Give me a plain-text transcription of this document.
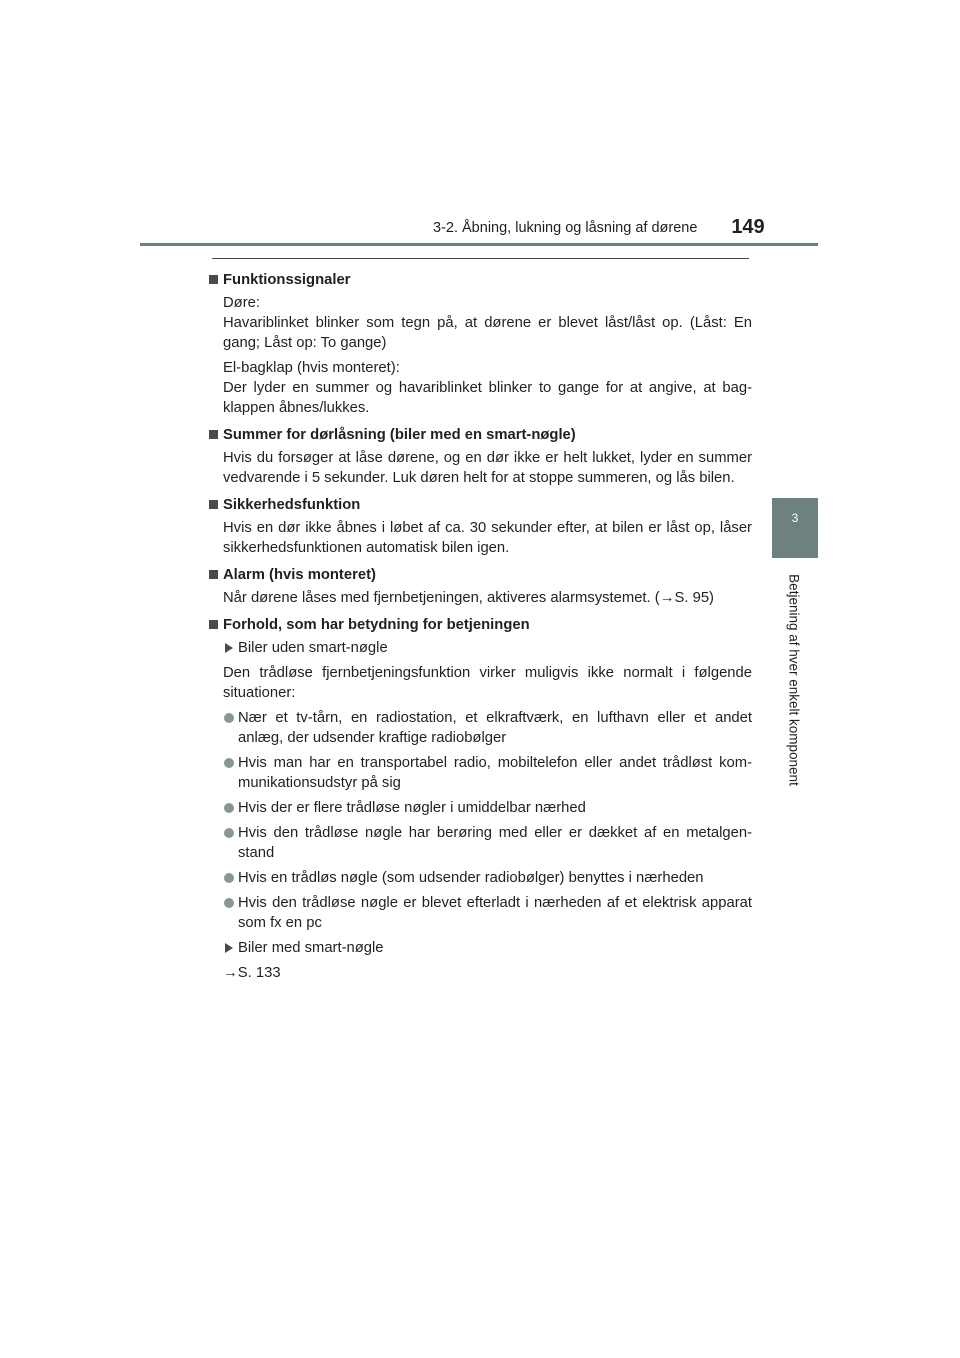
3-2. Åbning, lukning og låsning af dørene	149
3
Betjening af hver enkelt komponent
Funktionssignaler
Døre:
Havariblinket blinker som tegn på, at dørene er blevet låst/låst op. (Låst: En gang; Låst op: To gange)
El-bagklap (hvis monteret):
Der lyder en summer og havariblinket blinker to gange for at angive, at bag-klappen åbnes/lukkes.
Summer for dørlåsning (biler med en smart-nøgle)
Hvis du forsøger at låse dørene, og en dør ikke er helt lukket, lyder en summer vedvarende i 5 sekunder. Luk døren helt for at stoppe summeren, og lås bilen.
Sikkerhedsfunktion
Hvis en dør ikke åbnes i løbet af ca. 30 sekunder efter, at bilen er låst op, låser sikkerhedsfunktionen automatisk bilen igen.
Alarm (hvis monteret)
Når dørene låses med fjernbetjeningen, aktiveres alarmsystemet. (→S. 95)
Forhold, som har betydning for betjeningen
Biler uden smart-nøgle
Den trådløse fjernbetjeningsfunktion virker muligvis ikke normalt i følgende situationer:
Nær et tv-tårn, en radiostation, et elkraftværk, en lufthavn eller et andet anlæg, der udsender kraftige radiobølger
Hvis man har en transportabel radio, mobiltelefon eller andet trådløst kom-munikationsudstyr på sig
Hvis der er flere trådløse nøgler i umiddelbar nærhed
Hvis den trådløse nøgle har berøring med eller er dækket af en metalgen-stand
Hvis en trådløs nøgle (som udsender radiobølger) benyttes i nærheden
Hvis den trådløse nøgle er blevet efterladt i nærheden af et elektrisk apparat som fx en pc
Biler med smart-nøgle
→S. 133
